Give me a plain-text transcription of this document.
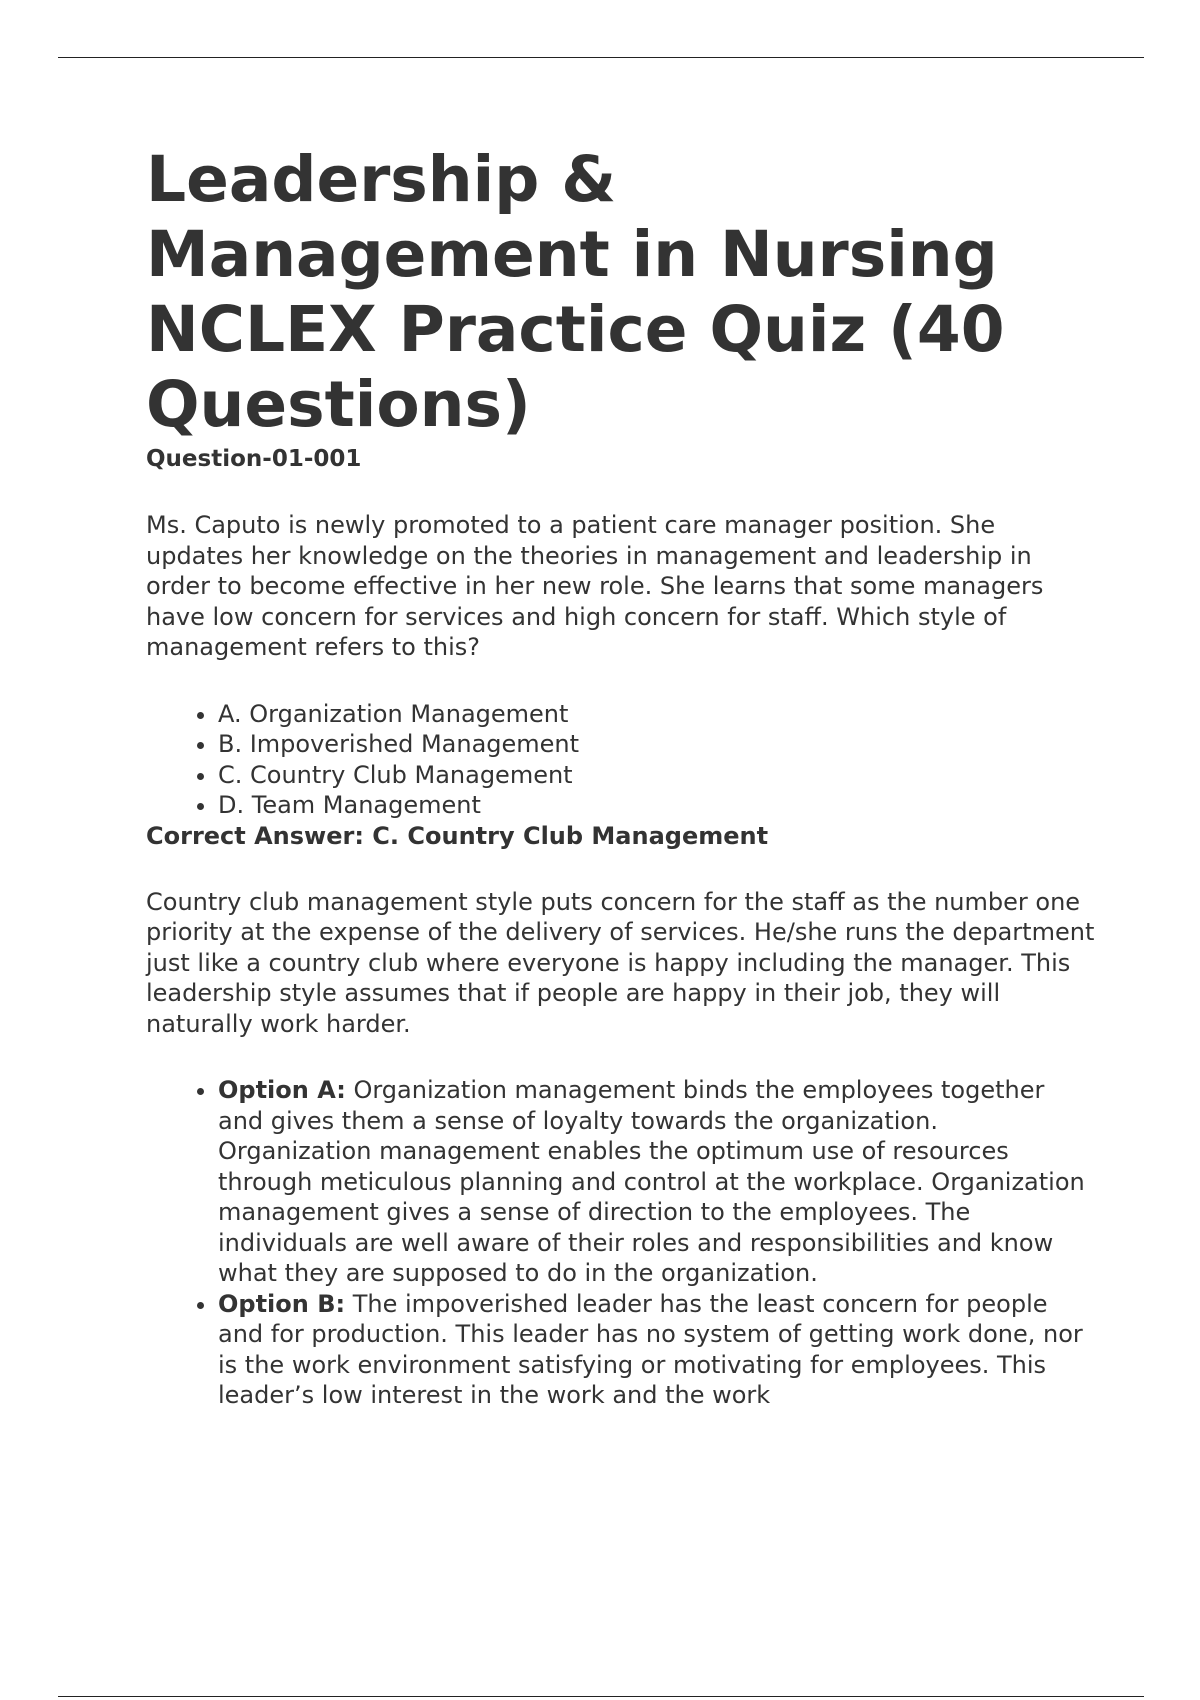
Leadership & Management in Nursing NCLEX Practice Quiz (40 Questions)
Question-01-001

Ms. Caputo is newly promoted to a patient care manager position. She updates her knowledge on the theories in management and leadership in order to become effective in her new role. She learns that some managers have low concern for services and high concern for staff. Which style of management refers to this?

• A. Organization Management
• B. Impoverished Management
• C. Country Club Management
• D. Team Management
Correct Answer: C. Country Club Management

Country club management style puts concern for the staff as the number one priority at the expense of the delivery of services. He/she runs the department just like a country club where everyone is happy including the manager. This leadership style assumes that if people are happy in their job, they will naturally work harder.

• Option A: Organization management binds the employees together and gives them a sense of loyalty towards the organization. Organization management enables the optimum use of resources through meticulous planning and control at the workplace. Organization management gives a sense of direction to the employees. The individuals are well aware of their roles and responsibilities and know what they are supposed to do in the organization.
• Option B: The impoverished leader has the least concern for people and for production. This leader has no system of getting work done, nor is the work environment satisfying or motivating for employees. This leader’s low interest in the work and the work
